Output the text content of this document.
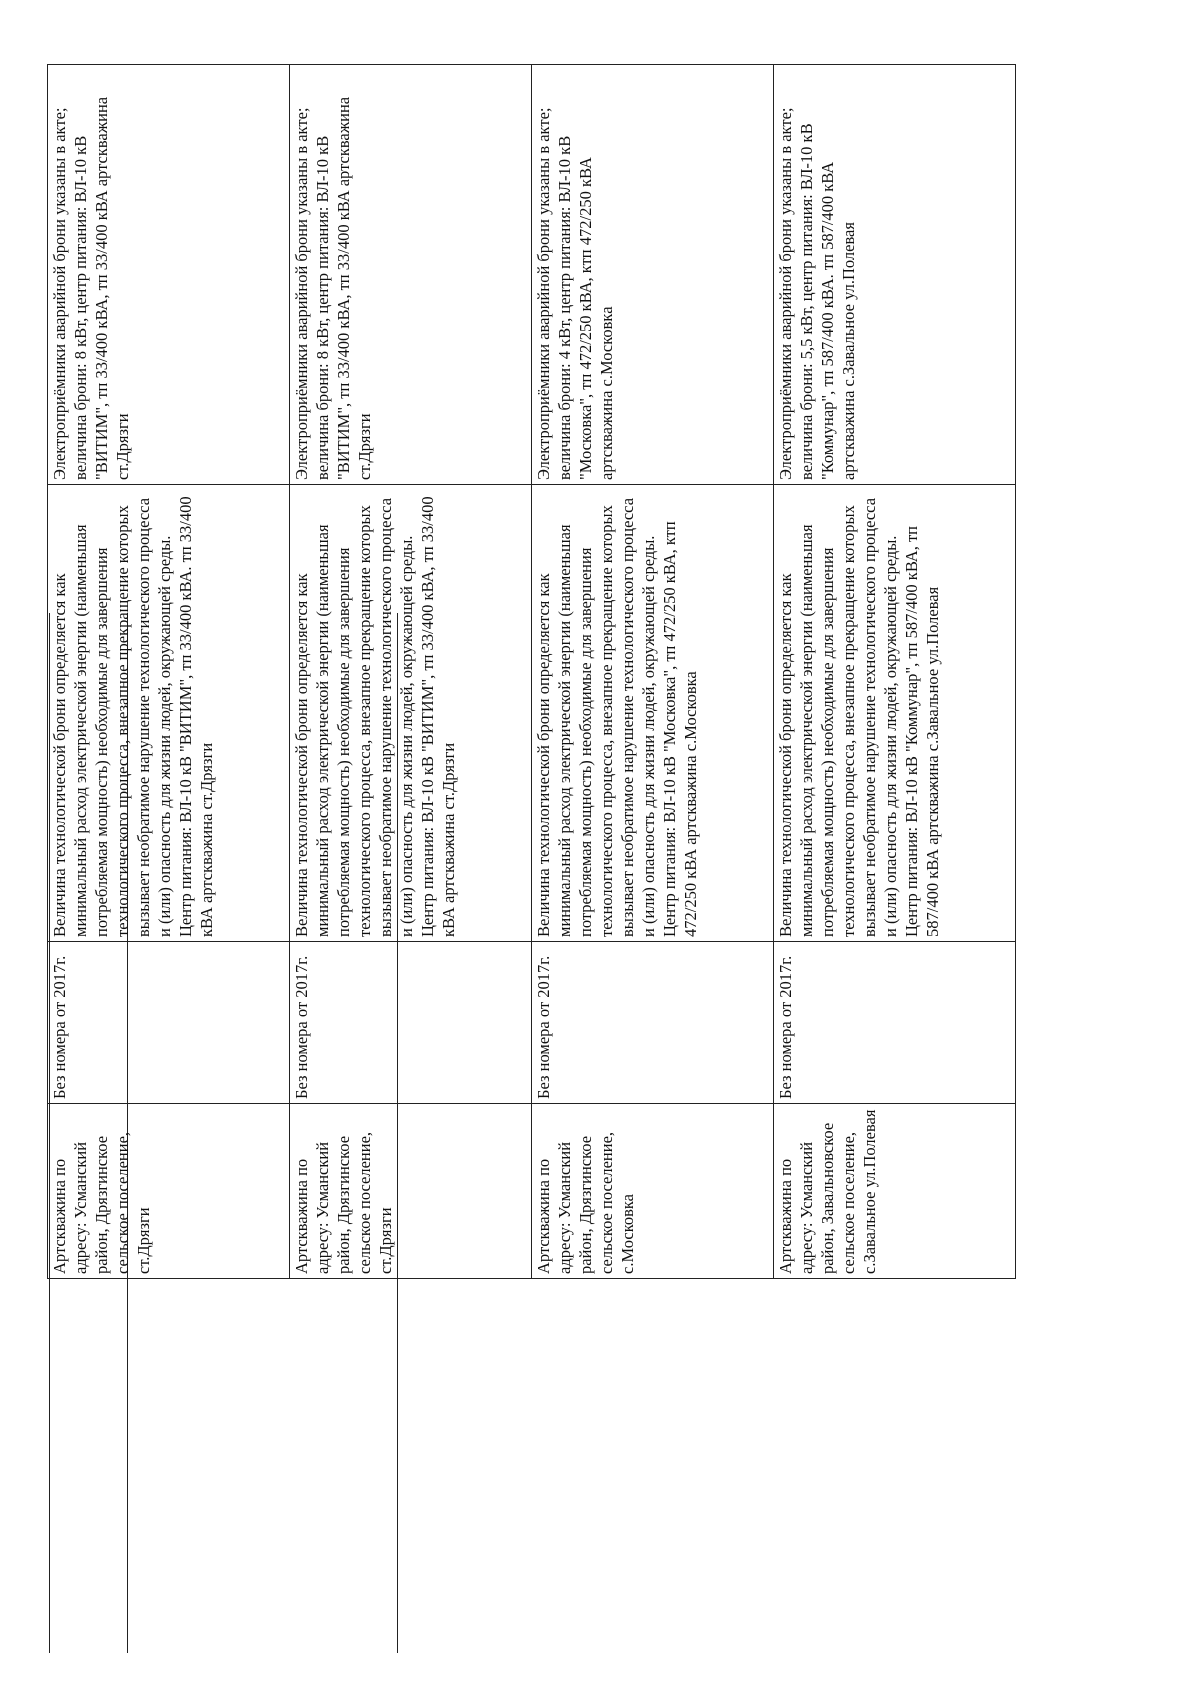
Артскважина по адресу: Усманский район, Дрязгинское сельское поселение, ст.Дрязги	Без номера от 2017г.	Величина технологической брони определяется как минимальный расход электрической энергии (наименьшая потребляемая мощность) необходимые для завершения технологического процесса, внезапное прекращение которых вызывает необратимое нарушение технологического процесса и (или) опасность для жизни людей, окружающей среды. Центр питания: ВЛ-10 кВ "ВИТИМ", тп 33/400 кВА. тп 33/400 кВА артскважина ст.Дрязги	Электроприёмники аварийной брони указаны в акте; величина брони: 8 кВт, центр питания: ВЛ-10 кВ "ВИТИМ", тп 33/400 кВА, тп 33/400 кВА артскважина ст.Дрязги
Артскважина по адресу: Усманский район, Дрязгинское сельское поселение, ст.Дрязги	Без номера от 2017г.	Величина технологической брони определяется как минимальный расход электрической энергии (наименьшая потребляемая мощность) необходимые для завершения технологического процесса, внезапное прекращение которых вызывает необратимое нарушение технологического процесса и (или) опасность для жизни людей, окружающей среды. Центр питания: ВЛ-10 кВ "ВИТИМ", тп 33/400 кВА, тп 33/400 кВА артскважина ст.Дрязги	Электроприёмники аварийной брони указаны в акте; величина брони: 8 кВт, центр питания: ВЛ-10 кВ "ВИТИМ", тп 33/400 кВА, тп 33/400 кВА артскважина ст.Дрязги
Артскважина по адресу: Усманский район, Дрязгинское сельское поселение, с.Московка	Без номера от 2017г.	Величина технологической брони определяется как минимальный расход электрической энергии (наименьшая потребляемая мощность) необходимые для завершения технологического процесса, внезапное прекращение которых вызывает необратимое нарушение технологического процесса и (или) опасность для жизни людей, окружающей среды. Центр питания: ВЛ-10 кВ "Московка", тп 472/250 кВА, ктп 472/250 кВА артскважина с.Московка	Электроприёмники аварийной брони указаны в акте; величина брони: 4 кВт, центр питания: ВЛ-10 кВ "Московка", тп 472/250 кВА, ктп 472/250 кВА артскважина с.Московка
Артскважина по адресу: Усманский район, Завальновское сельское поселение, с.Завальное ул.Полевая	Без номера от 2017г.	Величина технологической брони определяется как минимальный расход электрической энергии (наименьшая потребляемая мощность) необходимые для завершения технологического процесса, внезапное прекращение которых вызывает необратимое нарушение технологического процесса и (или) опасность для жизни людей, окружающей среды. Центр питания: ВЛ-10 кВ "Коммунар", тп 587/400 кВА, тп 587/400 кВА артскважина с.Завальное ул.Полевая	Электроприёмники аварийной брони указаны в акте; величина брони: 5,5 кВт, центр питания: ВЛ-10 кВ "Коммунар", тп 587/400 кВА. тп 587/400 кВА артскважина с.Завальное ул.Полевая
